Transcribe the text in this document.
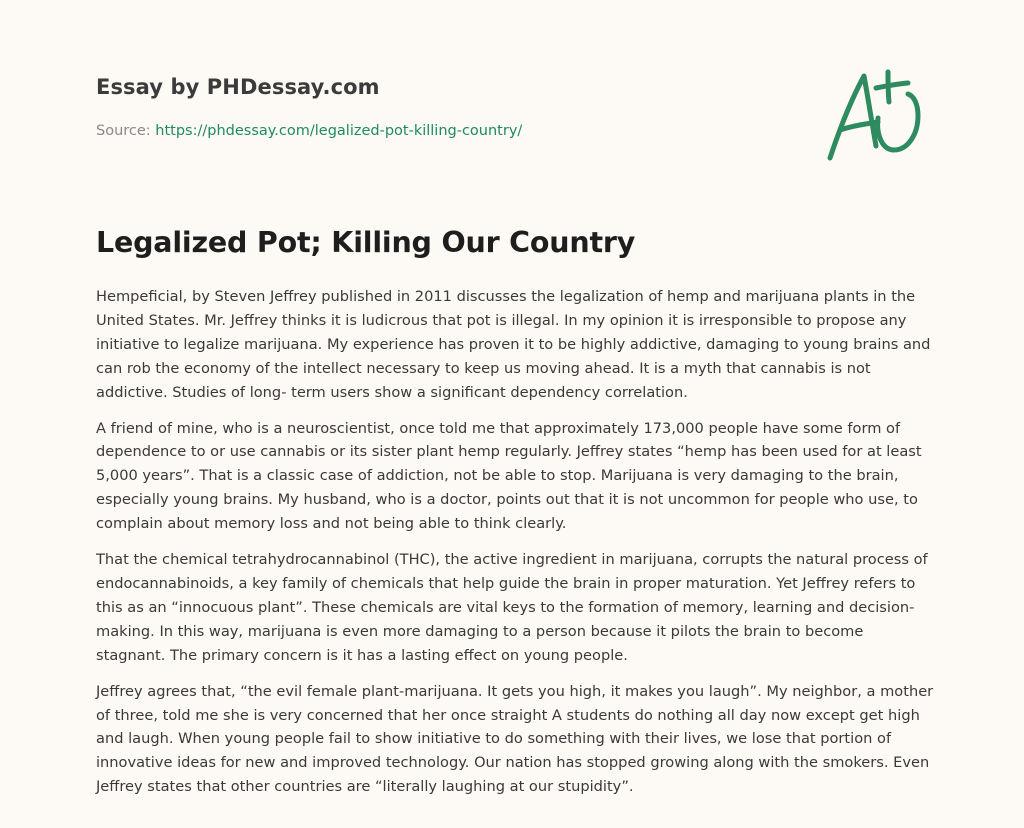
Essay by PHDessay.com

Source: https://phdessay.com/legalized-pot-killing-country/

Legalized Pot; Killing Our Country

Hempeficial, by Steven Jeffrey published in 2011 discusses the legalization of hemp and marijuana plants in the United States. Mr. Jeffrey thinks it is ludicrous that pot is illegal. In my opinion it is irresponsible to propose any initiative to legalize marijuana. My experience has proven it to be highly addictive, damaging to young brains and can rob the economy of the intellect necessary to keep us moving ahead. It is a myth that cannabis is not addictive. Studies of long- term users show a significant dependency correlation.

A friend of mine, who is a neuroscientist, once told me that approximately 173,000 people have some form of dependence to or use cannabis or its sister plant hemp regularly. Jeffrey states “hemp has been used for at least 5,000 years”. That is a classic case of addiction, not be able to stop. Marijuana is very damaging to the brain, especially young brains. My husband, who is a doctor, points out that it is not uncommon for people who use, to complain about memory loss and not being able to think clearly.

That the chemical tetrahydrocannabinol (THC), the active ingredient in marijuana, corrupts the natural process of endocannabinoids, a key family of chemicals that help guide the brain in proper maturation. Yet Jeffrey refers to this as an “innocuous plant”. These chemicals are vital keys to the formation of memory, learning and decision-making. In this way, marijuana is even more damaging to a person because it pilots the brain to become stagnant. The primary concern is it has a lasting effect on young people.

Jeffrey agrees that, “the evil female plant-marijuana. It gets you high, it makes you laugh”. My neighbor, a mother of three, told me she is very concerned that her once straight A students do nothing all day now except get high and laugh. When young people fail to show initiative to do something with their lives, we lose that portion of innovative ideas for new and improved technology. Our nation has stopped growing along with the smokers. Even Jeffrey states that other countries are “literally laughing at our stupidity”.
